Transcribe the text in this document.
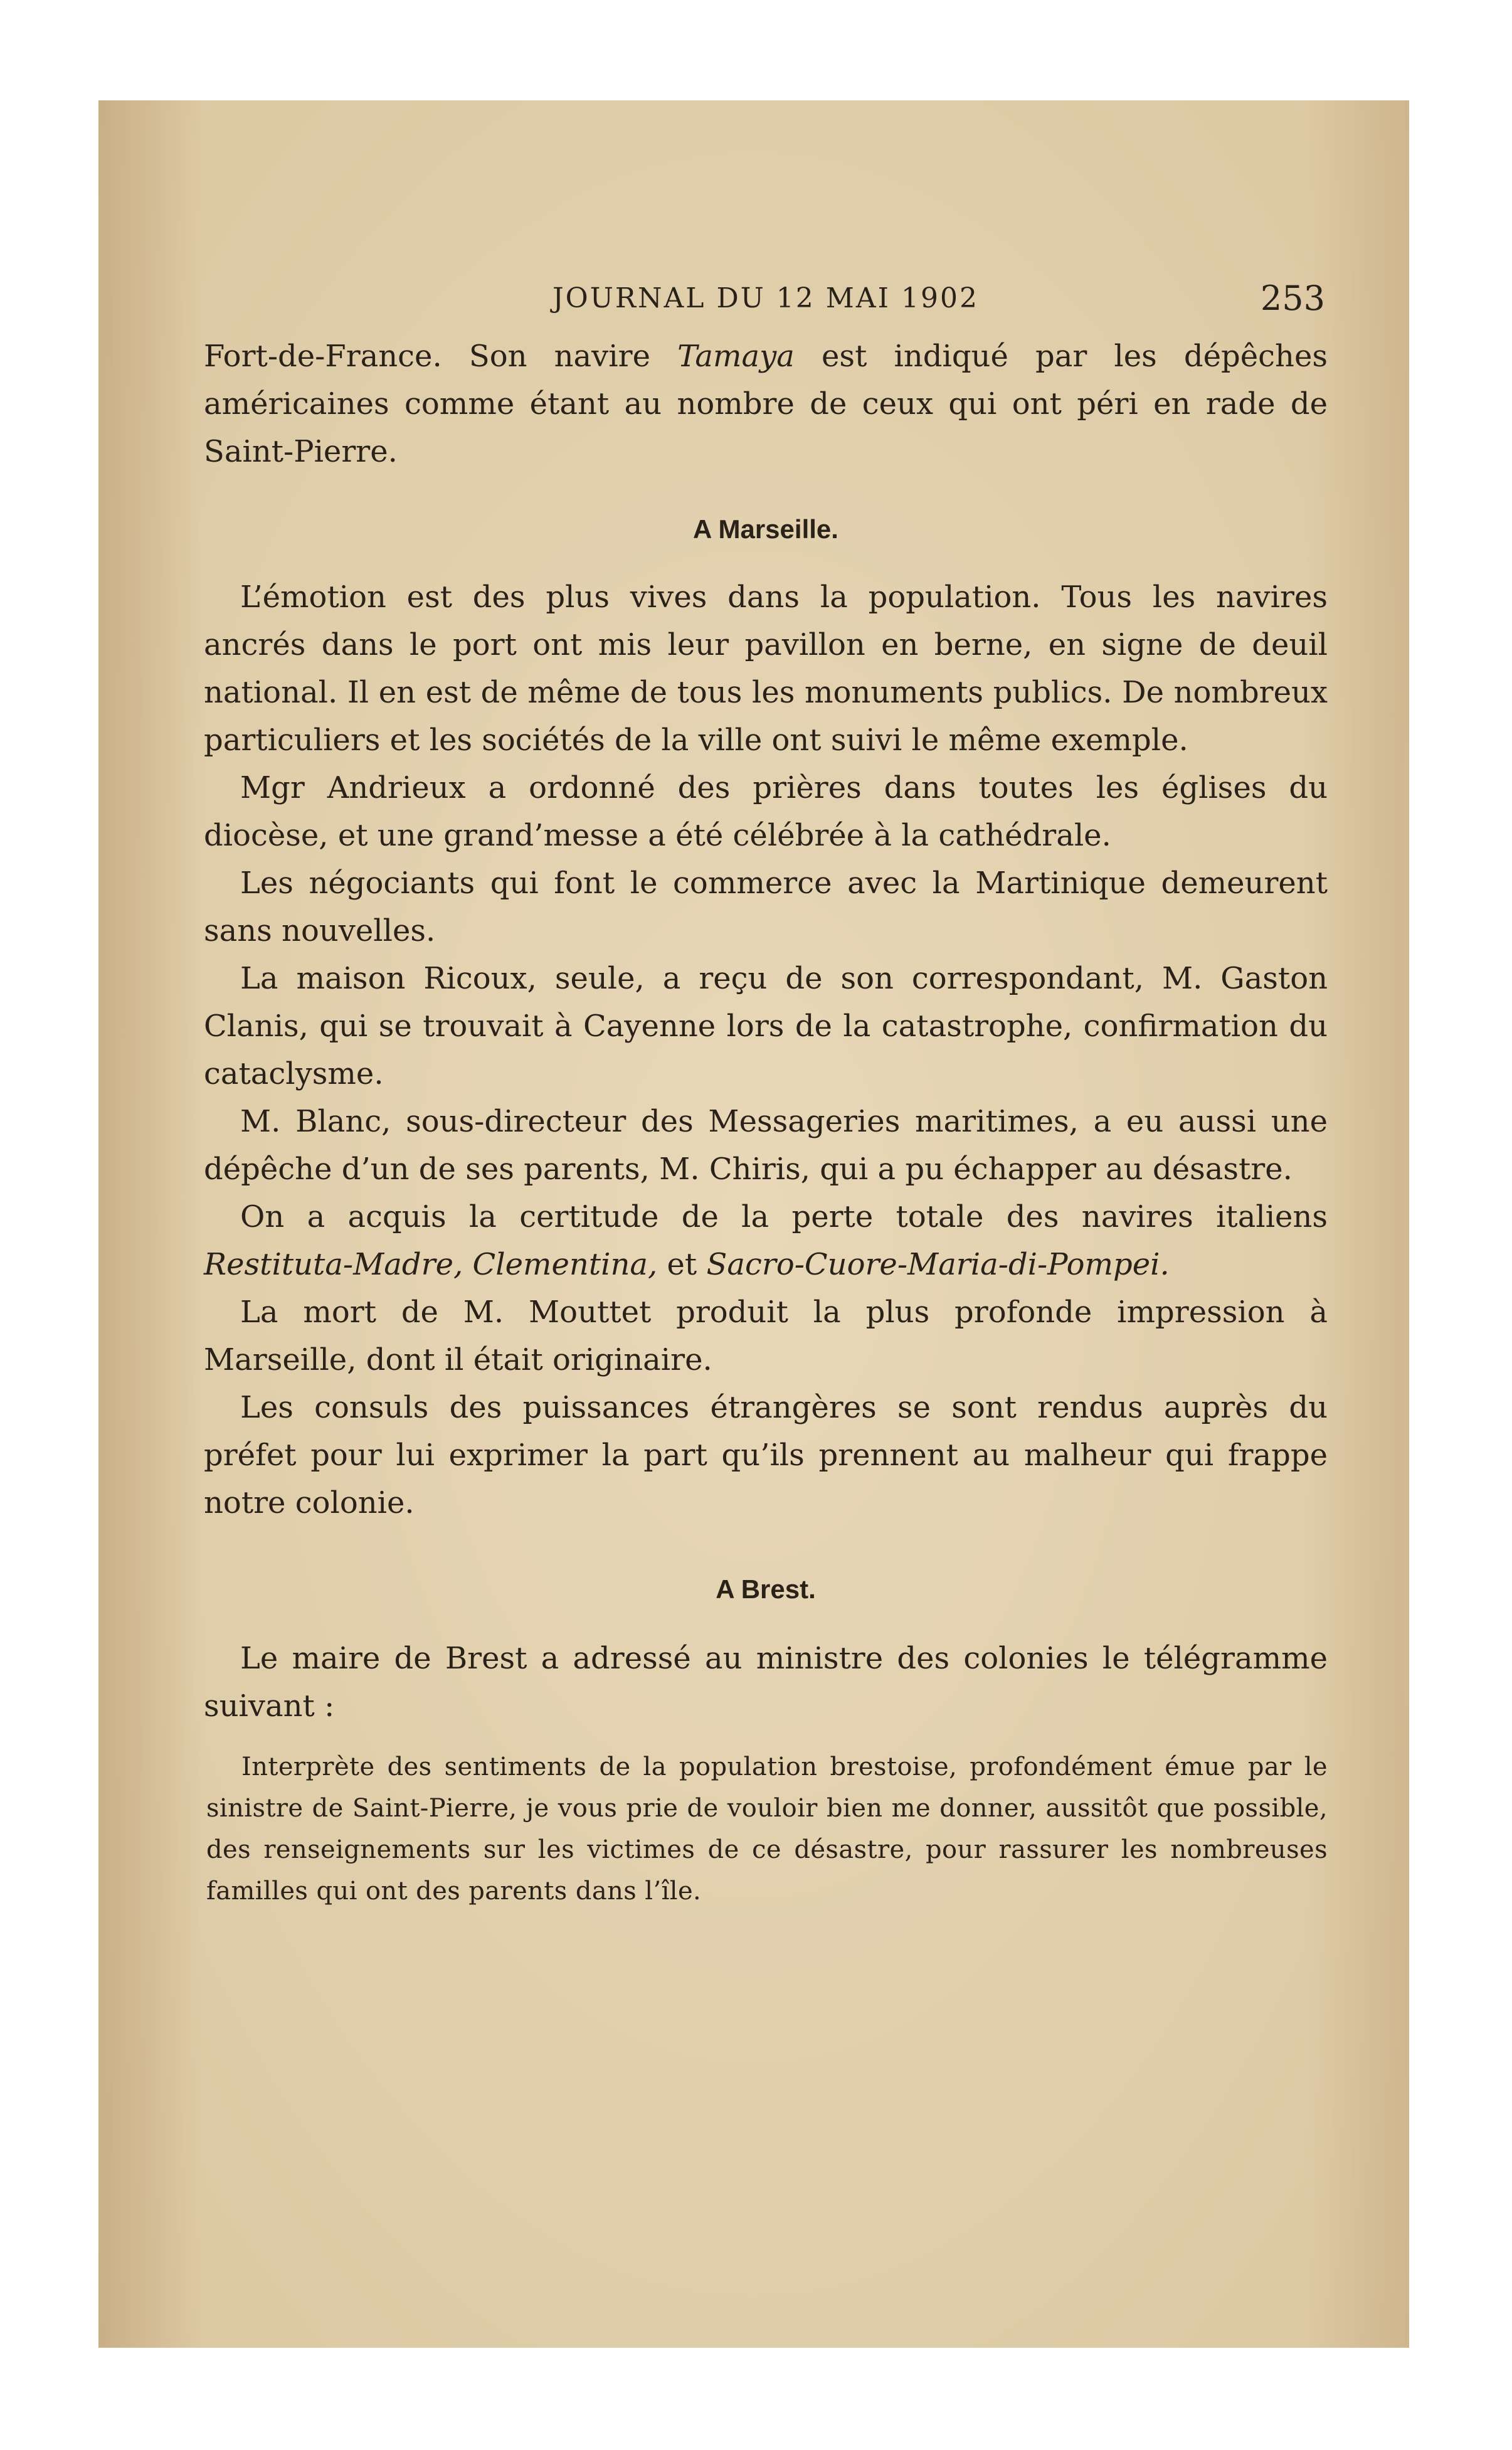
JOURNAL DU 12 MAI 1902	253

Fort-de-France. Son navire Tamaya est indiqué par les dépêches américaines comme étant au nombre de ceux qui ont péri en rade de Saint-Pierre.

A Marseille.

L’émotion est des plus vives dans la population. Tous les navires ancrés dans le port ont mis leur pavillon en berne, en signe de deuil national. Il en est de même de tous les monuments publics. De nombreux particuliers et les sociétés de la ville ont suivi le même exemple.

Mgr Andrieux a ordonné des prières dans toutes les églises du diocèse, et une grand’messe a été célébrée à la cathédrale.

Les négociants qui font le commerce avec la Martinique demeurent sans nouvelles.

La maison Ricoux, seule, a reçu de son correspondant, M. Gaston Clanis, qui se trouvait à Cayenne lors de la catastrophe, confirmation du cataclysme.

M. Blanc, sous-directeur des Messageries maritimes, a eu aussi une dépêche d’un de ses parents, M. Chiris, qui a pu échapper au désastre.

On a acquis la certitude de la perte totale des navires italiens Restituta-Madre, Clementina, et Sacro-Cuore-Maria-di-Pompei.

La mort de M. Mouttet produit la plus profonde impression à Marseille, dont il était originaire.

Les consuls des puissances étrangères se sont rendus auprès du préfet pour lui exprimer la part qu’ils prennent au malheur qui frappe notre colonie.

A Brest.

Le maire de Brest a adressé au ministre des colonies le télégramme suivant :

Interprète des sentiments de la population brestoise, profondément émue par le sinistre de Saint-Pierre, je vous prie de vouloir bien me donner, aussitôt que possible, des renseignements sur les victimes de ce désastre, pour rassurer les nombreuses familles qui ont des parents dans l’île.
